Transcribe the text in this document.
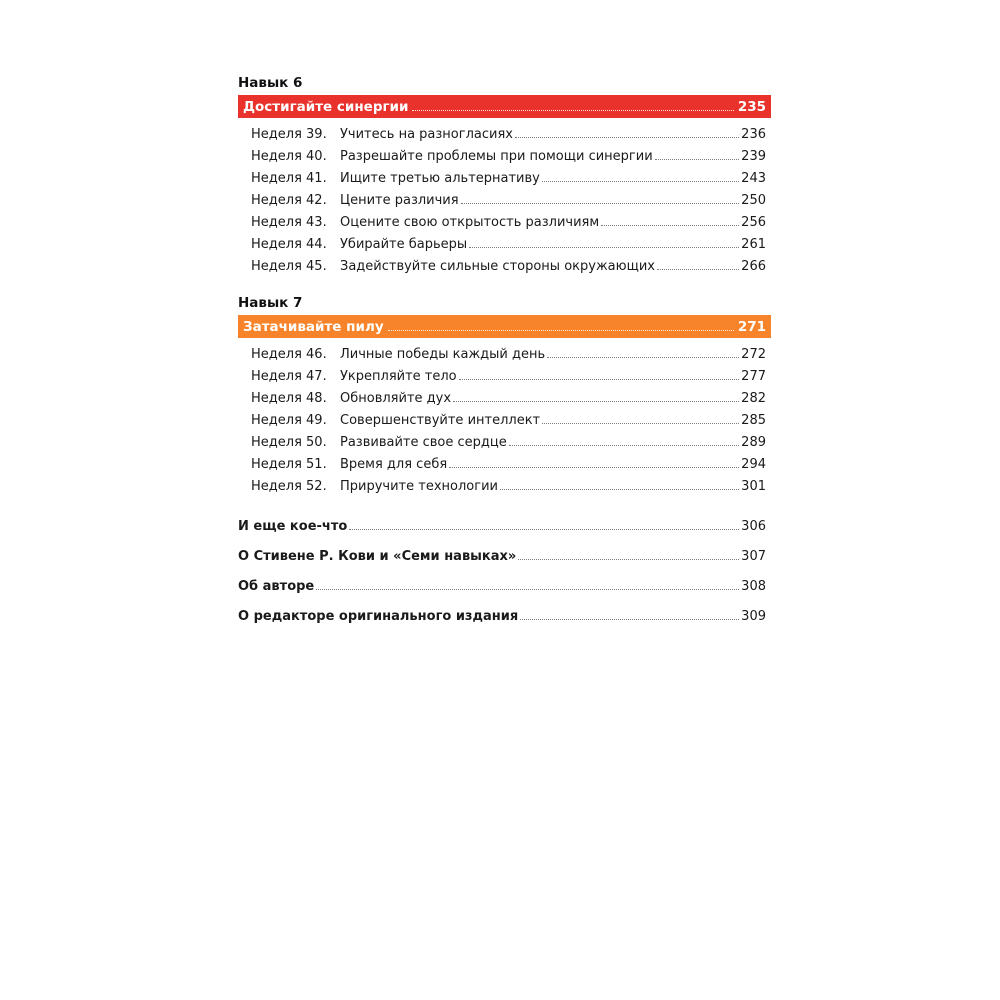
Навык 6
Достигайте синергии	235
Неделя 39.	Учитесь на разногласиях	236
Неделя 40.	Разрешайте проблемы при помощи синергии	239
Неделя 41.	Ищите третью альтернативу	243
Неделя 42.	Цените различия	250
Неделя 43.	Оцените свою открытость различиям	256
Неделя 44.	Убирайте барьеры	261
Неделя 45.	Задействуйте сильные стороны окружающих	266
Навык 7
Затачивайте пилу	271
Неделя 46.	Личные победы каждый день	272
Неделя 47.	Укрепляйте тело	277
Неделя 48.	Обновляйте дух	282
Неделя 49.	Совершенствуйте интеллект	285
Неделя 50.	Развивайте свое сердце	289
Неделя 51.	Время для себя	294
Неделя 52.	Приручите технологии	301
И еще кое-что	306
О Стивене Р. Кови и «Семи навыках»	307
Об авторе	308
О редакторе оригинального издания	309
